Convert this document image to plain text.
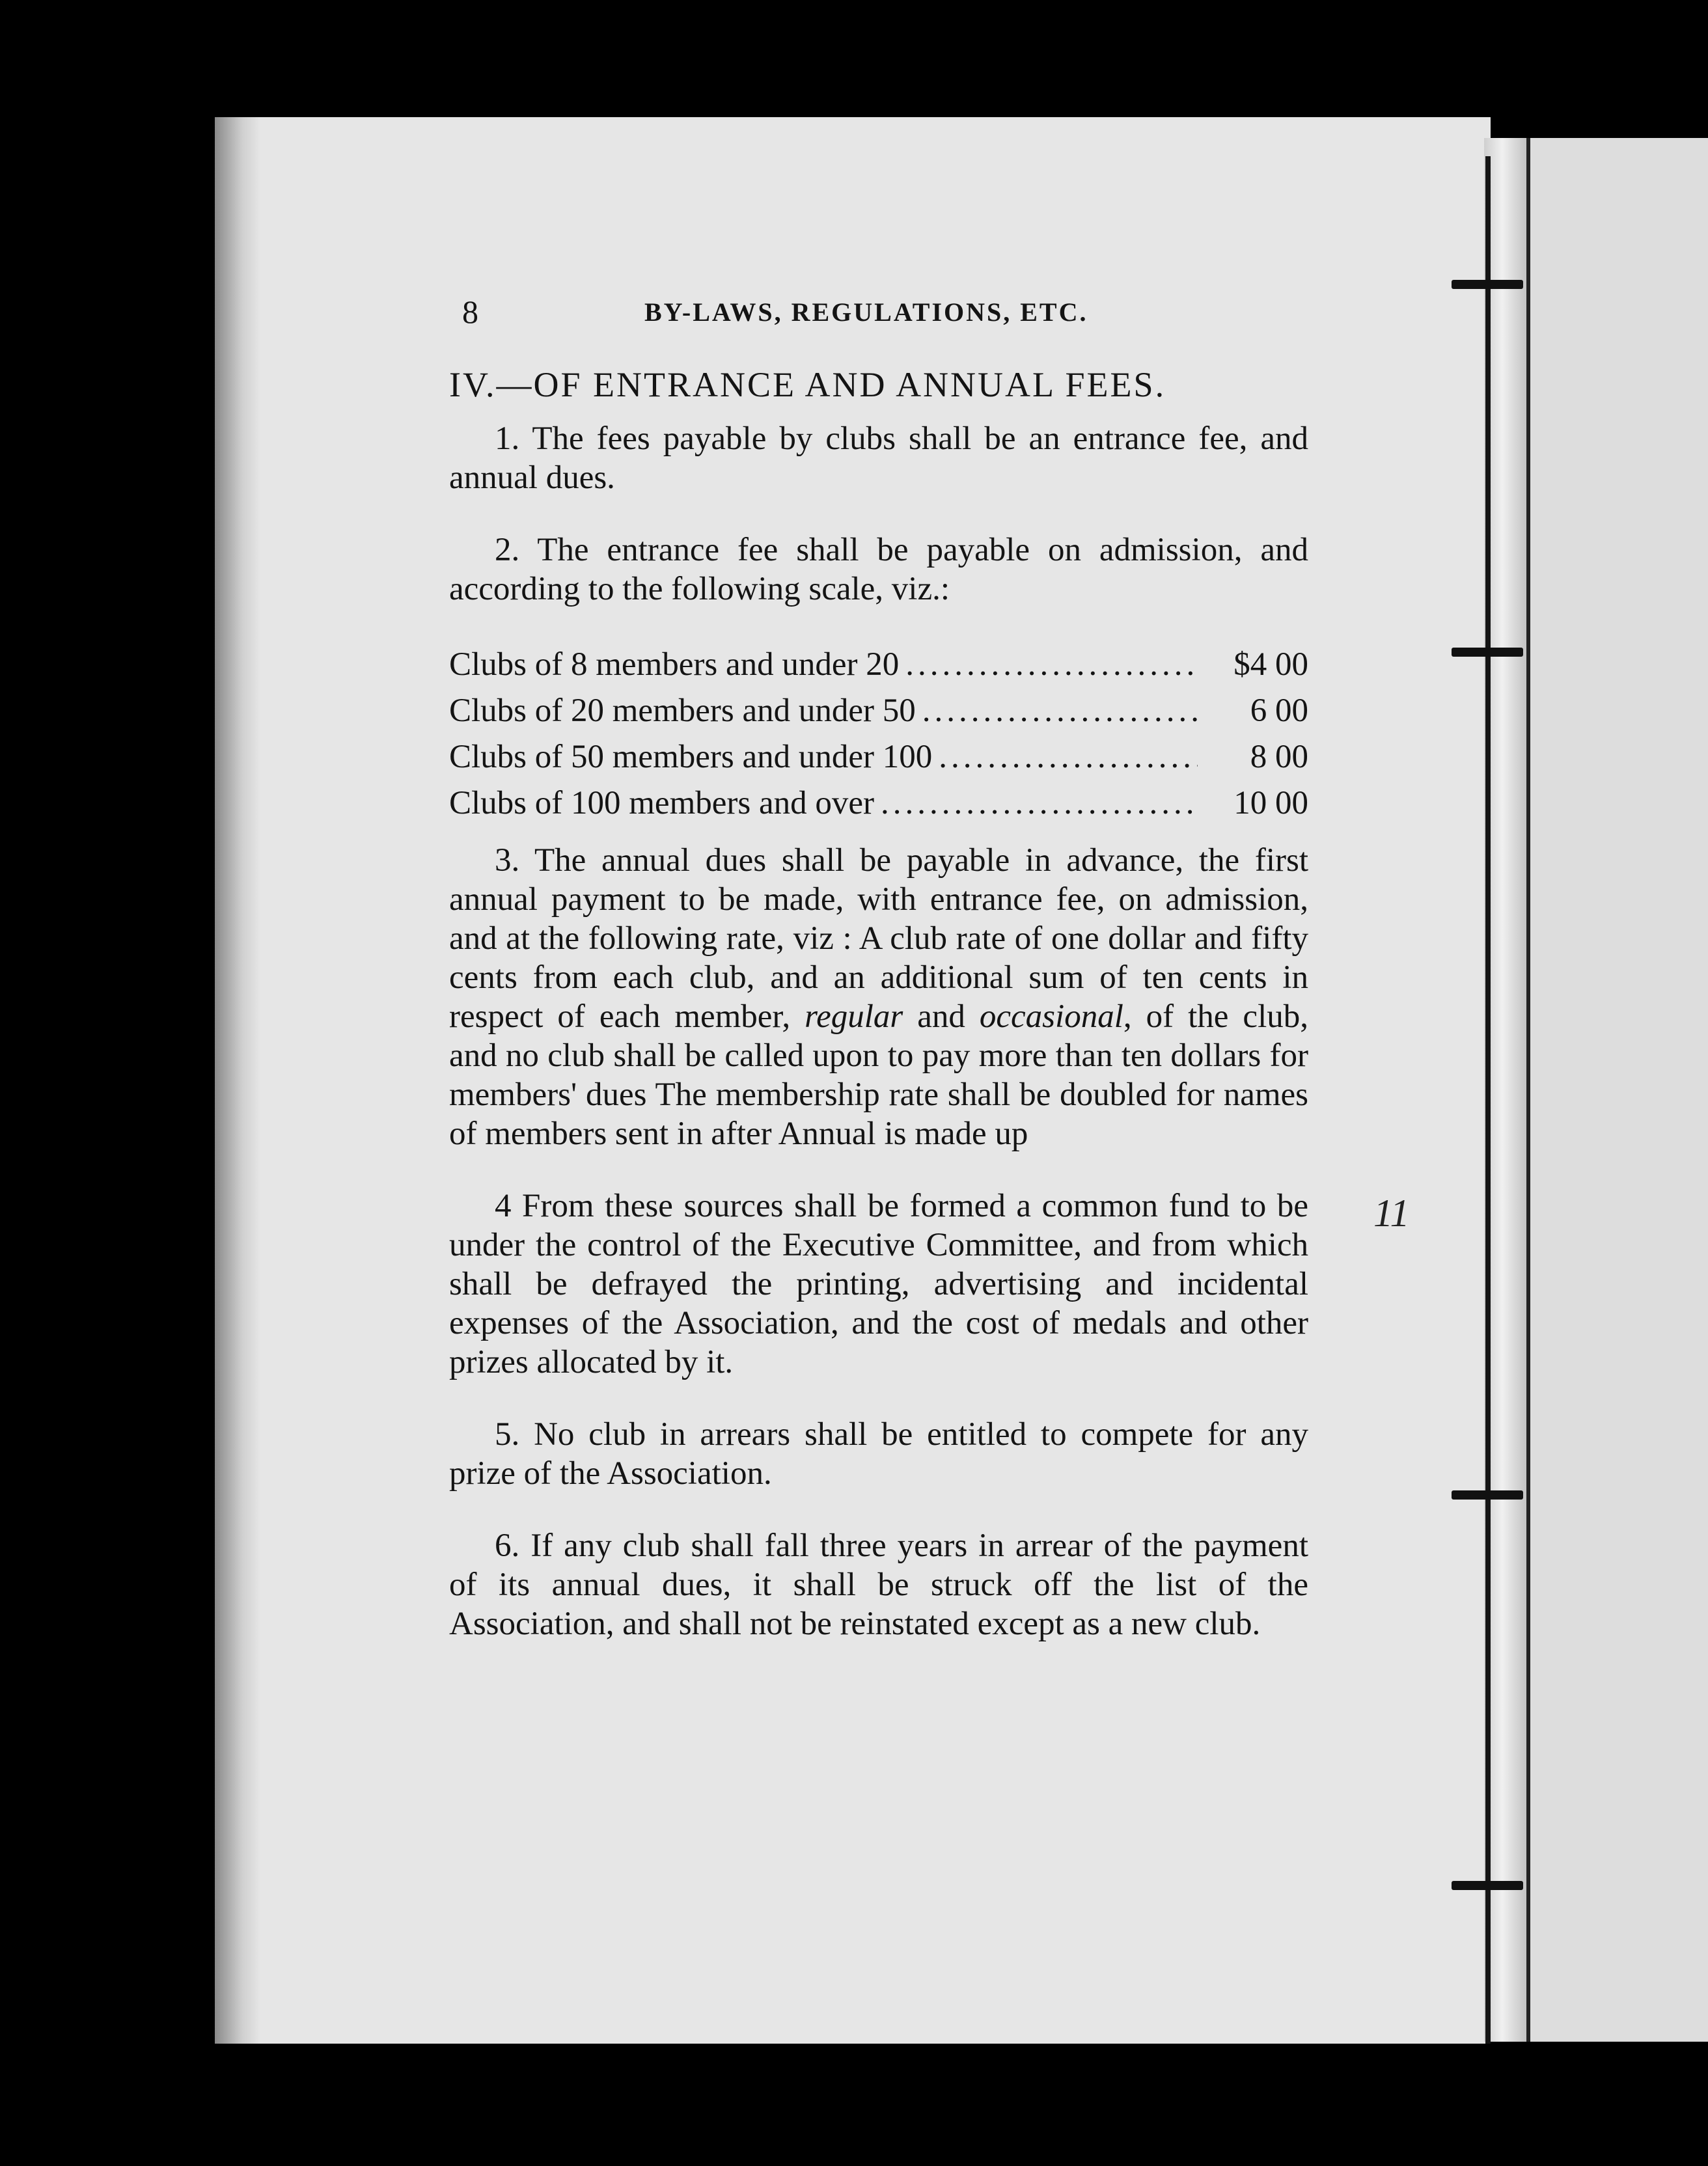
8	BY-LAWS, REGULATIONS, ETC.
IV.—OF ENTRANCE AND ANNUAL FEES.

1. The fees payable by clubs shall be an entrance fee, and annual dues.

2. The entrance fee shall be payable on admission, and according to the following scale, viz.:

Clubs of 8 members and under 20 .....	$4 00
Clubs of 20 members and under 50 .....	6 00
Clubs of 50 members and under 100 .....	8 00
Clubs of 100 members and over .....	10 00

3. The annual dues shall be payable in advance, the first annual payment to be made, with entrance fee, on admission, and at the following rate, viz : A club rate of one dollar and fifty cents from each club, and an additional sum of ten cents in respect of each member, regular and occasional, of the club, and no club shall be called upon to pay more than ten dollars for members' dues The membership rate shall be doubled for names of members sent in after Annual is made up

4 From these sources shall be formed a common fund to be under the control of the Executive Committee, and from which shall be defrayed the printing, advertising and incidental expenses of the Association, and the cost of medals and other prizes allocated by it.

5. No club in arrears shall be entitled to compete for any prize of the Association.

6. If any club shall fall three years in arrear of the payment of its annual dues, it shall be struck off the list of the Association, and shall not be reinstated except as a new club.

11
